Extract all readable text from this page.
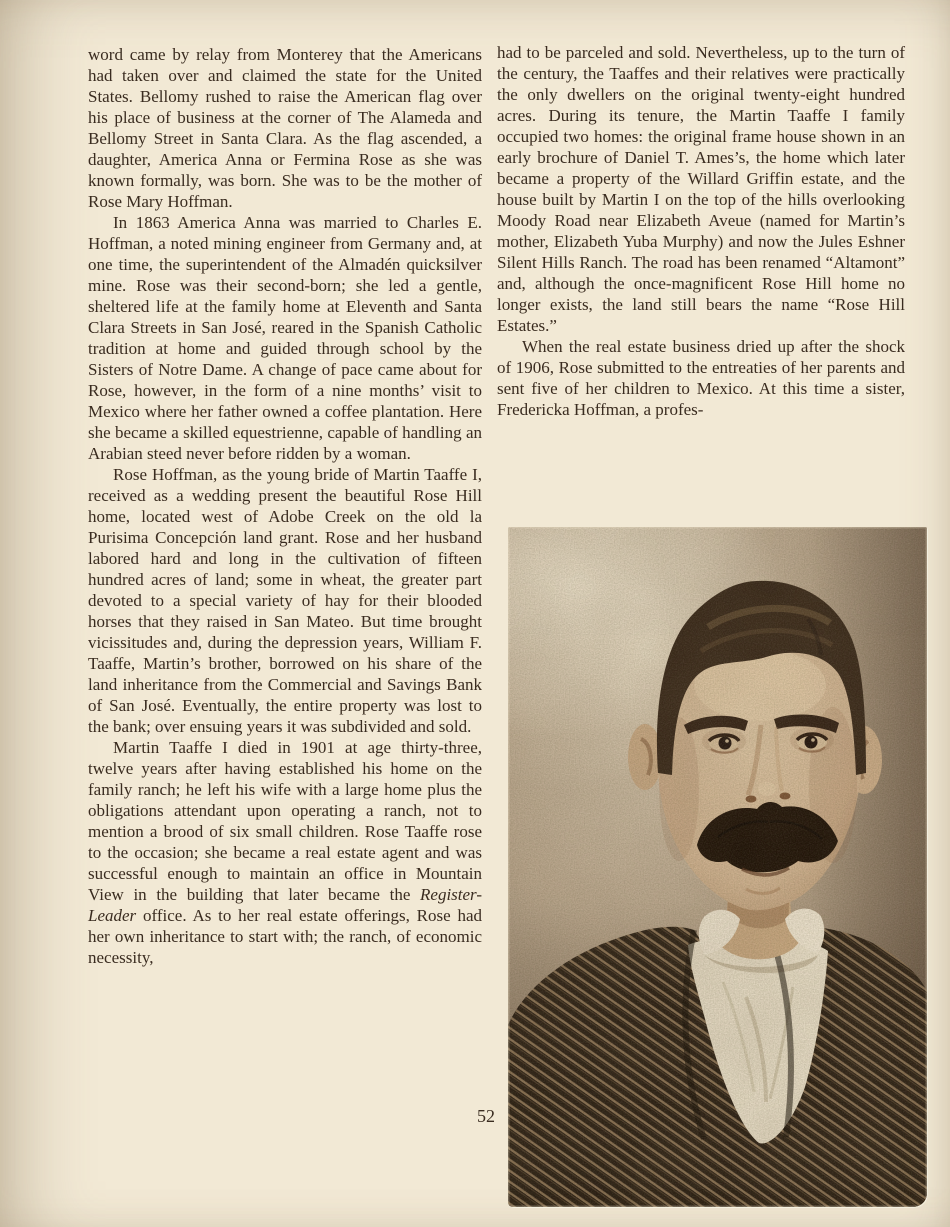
word came by relay from Monterey that the Americans had taken over and claimed the state for the United States. Bellomy rushed to raise the American flag over his place of business at the corner of The Alameda and Bellomy Street in Santa Clara. As the flag ascended, a daughter, America Anna or Fermina Rose as she was known formally, was born. She was to be the mother of Rose Mary Hoffman.

In 1863 America Anna was married to Charles E. Hoffman, a noted mining engineer from Germany and, at one time, the superintendent of the Almadén quicksilver mine. Rose was their second-born; she led a gentle, sheltered life at the family home at Eleventh and Santa Clara Streets in San José, reared in the Spanish Catholic tradition at home and guided through school by the Sisters of Notre Dame. A change of pace came about for Rose, however, in the form of a nine months’ visit to Mexico where her father owned a coffee plantation. Here she became a skilled equestrienne, capable of handling an Arabian steed never before ridden by a woman.

Rose Hoffman, as the young bride of Martin Taaffe I, received as a wedding present the beautiful Rose Hill home, located west of Adobe Creek on the old la Purisima Concepción land grant. Rose and her husband labored hard and long in the cultivation of fifteen hundred acres of land; some in wheat, the greater part devoted to a special variety of hay for their blooded horses that they raised in San Mateo. But time brought vicissitudes and, during the depression years, William F. Taaffe, Martin’s brother, borrowed on his share of the land inheritance from the Commercial and Savings Bank of San José. Eventually, the entire property was lost to the bank; over ensuing years it was subdivided and sold.

Martin Taaffe I died in 1901 at age thirty-three, twelve years after having established his home on the family ranch; he left his wife with a large home plus the obligations attendant upon operating a ranch, not to mention a brood of six small children. Rose Taaffe rose to the occasion; she became a real estate agent and was successful enough to maintain an office in Mountain View in the building that later became the Register-Leader office. As to her real estate offerings, Rose had her own inheritance to start with; the ranch, of economic necessity,

had to be parceled and sold. Nevertheless, up to the turn of the century, the Taaffes and their relatives were practically the only dwellers on the original twenty-eight hundred acres. During its tenure, the Martin Taaffe I family occupied two homes: the original frame house shown in an early brochure of Daniel T. Ames’s, the home which later became a property of the Willard Griffin estate, and the house built by Martin I on the top of the hills overlooking Moody Road near Elizabeth Aveue (named for Martin’s mother, Elizabeth Yuba Murphy) and now the Jules Eshner Silent Hills Ranch. The road has been renamed “Altamont” and, although the once-magnificent Rose Hill home no longer exists, the land still bears the name “Rose Hill Estates.”

When the real estate business dried up after the shock of 1906, Rose submitted to the entreaties of her parents and sent five of her children to Mexico. At this time a sister, Fredericka Hoffman, a profes-

52
